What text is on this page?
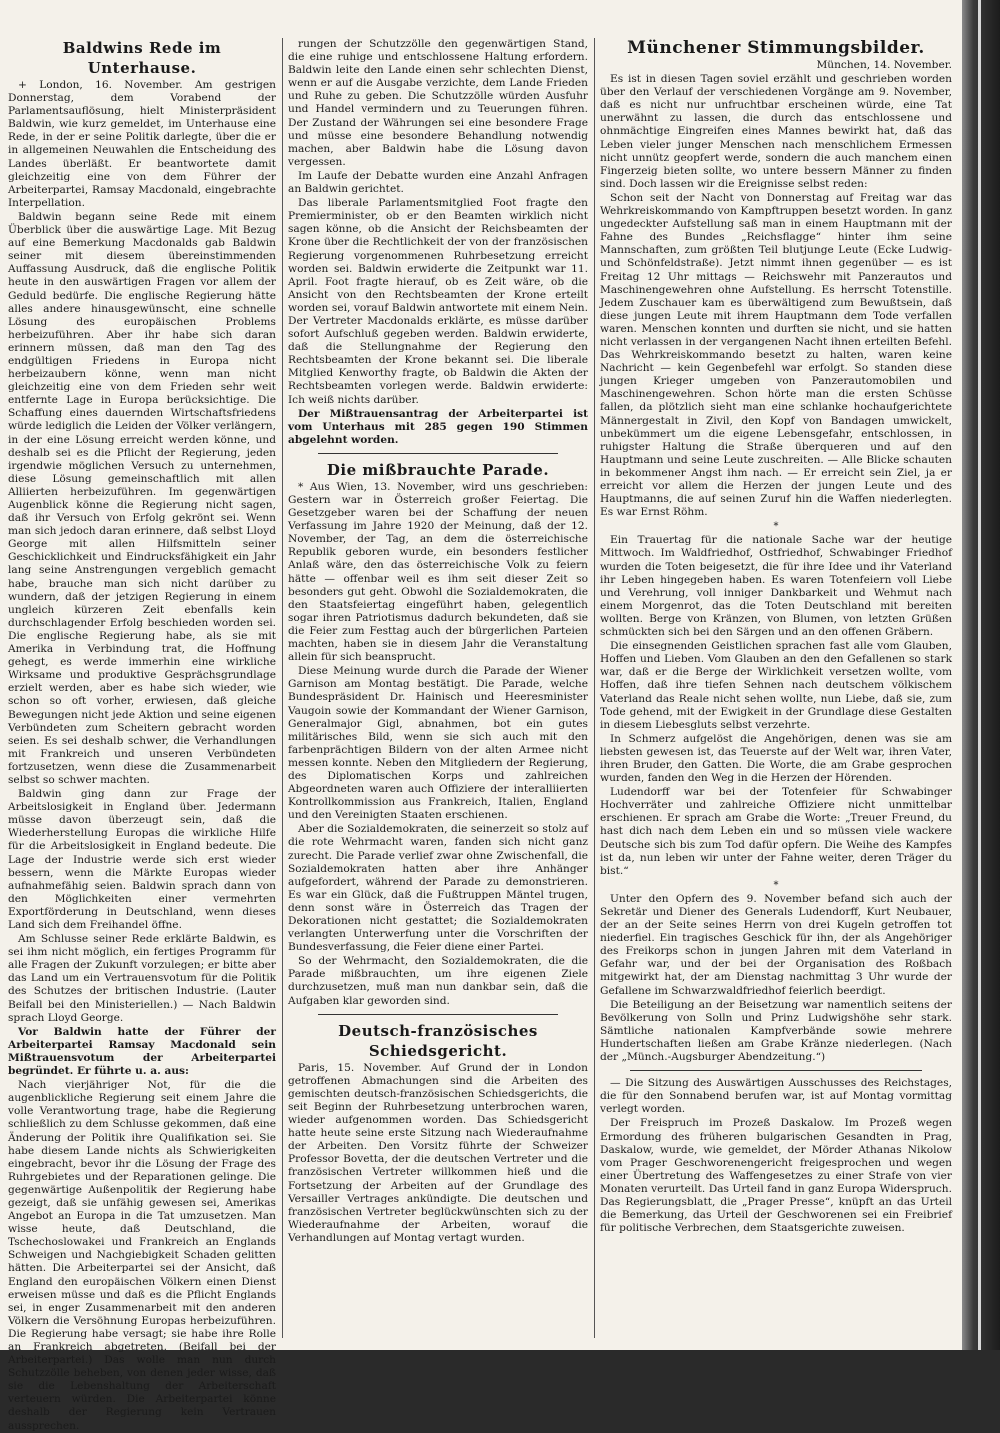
Baldwins Rede im Unterhause.

+ London, 16. November. Am gestrigen Donnerstag, dem Vorabend der Parlamentsauflösung, hielt Ministerpräsident Baldwin, wie kurz gemeldet, im Unterhause eine Rede, in der er seine Politik darlegte, über die er in allgemeinen Neuwahlen die Entscheidung des Landes überläßt. Er beantwortete damit gleichzeitig eine von dem Führer der Arbeiterpartei, Ramsay Macdonald, eingebrachte Interpellation.

Baldwin begann seine Rede mit einem Überblick über die auswärtige Lage. Mit Bezug auf eine Bemerkung Macdonalds gab Baldwin seiner mit diesem übereinstimmenden Auffassung Ausdruck, daß die englische Politik heute in den auswärtigen Fragen vor allem der Geduld bedürfe. Die englische Regierung hätte alles andere hinausgewünscht, eine schnelle Lösung des europäischen Problems herbeizuführen. Aber ihr habe sich daran erinnern müssen, daß man den Tag des endgültigen Friedens in Europa nicht herbeizaubern könne, wenn man nicht gleichzeitig eine von dem Frieden sehr weit entfernte Lage in Europa berücksichtige. Die Schaffung eines dauernden Wirtschaftsfriedens würde lediglich die Leiden der Völker verlängern, in der eine Lösung erreicht werden könne, und deshalb sei es die Pflicht der Regierung, jeden irgendwie möglichen Versuch zu unternehmen, diese Lösung gemeinschaftlich mit allen Alliierten herbeizuführen. Im gegenwärtigen Augenblick könne die Regierung nicht sagen, daß ihr Versuch von Erfolg gekrönt sei. Wenn man sich jedoch daran erinnere, daß selbst Lloyd George mit allen Hilfsmitteln seiner Geschicklichkeit und Eindrucksfähigkeit ein Jahr lang seine Anstrengungen vergeblich gemacht habe, brauche man sich nicht darüber zu wundern, daß der jetzigen Regierung in einem ungleich kürzeren Zeit ebenfalls kein durchschlagender Erfolg beschieden worden sei. Die englische Regierung habe, als sie mit Amerika in Verbindung trat, die Hoffnung gehegt, es werde immerhin eine wirkliche Wirksame und produktive Gesprächsgrundlage erzielt werden, aber es habe sich wieder, wie schon so oft vorher, erwiesen, daß gleiche Bewegungen nicht jede Aktion und seine eigenen Verbündeten zum Scheitern gebracht worden seien. Es sei deshalb schwer, die Verhandlungen mit Frankreich und unseren Verbündeten fortzusetzen, wenn diese die Zusammenarbeit selbst so schwer machten.

Baldwin ging dann zur Frage der Arbeitslosigkeit in England über. Jedermann müsse davon überzeugt sein, daß die Wiederherstellung Europas die wirkliche Hilfe für die Arbeitslosigkeit in England bedeute. Die Lage der Industrie werde sich erst wieder bessern, wenn die Märkte Europas wieder aufnahmefähig seien. Baldwin sprach dann von den Möglichkeiten einer vermehrten Exportförderung in Deutschland, wenn dieses Land sich dem Freihandel öffne.

Am Schlusse seiner Rede erklärte Baldwin, es sei ihm nicht möglich, ein fertiges Programm für alle Fragen der Zukunft vorzulegen; er bitte aber das Land um ein Vertrauensvotum für die Politik des Schutzes der britischen Industrie. (Lauter Beifall bei den Ministeriellen.) — Nach Baldwin sprach Lloyd George.

Vor Baldwin hatte der Führer der Arbeiterpartei Ramsay Macdonald sein Mißtrauensvotum der Arbeiterpartei begründet. Er führte u. a. aus:

Nach vierjähriger Not, für die die augenblickliche Regierung seit einem Jahre die volle Verantwortung trage, habe die Regierung schließlich zu dem Schlusse gekommen, daß eine Änderung der Politik ihre Qualifikation sei. Sie habe diesem Lande nichts als Schwierigkeiten eingebracht, bevor ihr die Lösung der Frage des Ruhrgebietes und der Reparationen gelinge. Die gegenwärtige Außenpolitik der Regierung habe gezeigt, daß sie unfähig gewesen sei, Amerikas Angebot an Europa in die Tat umzusetzen. Man wisse heute, daß Deutschland, die Tschechoslowakei und Frankreich an Englands Schweigen und Nachgiebigkeit Schaden gelitten hätten. Die Arbeiterpartei sei der Ansicht, daß England den europäischen Völkern einen Dienst erweisen müsse und daß es die Pflicht Englands sei, in enger Zusammenarbeit mit den anderen Völkern die Versöhnung Europas herbeizuführen. Die Regierung habe versagt; sie habe ihre Rolle an Frankreich abgetreten. (Beifall bei der Arbeiterpartei.) Das wolle man nun durch Schutzzölle beheben, von denen jeder wisse, daß sie die Lebenshaltung der Arbeiterschaft verteuern würden. Die Arbeiterpartei könne deshalb der Regierung kein Vertrauen aussprechen.

rungen der Schutzzölle den gegenwärtigen Stand, die eine ruhige und entschlossene Haltung erfordern. Baldwin leite den Lande einen sehr schlechten Dienst, wenn er auf die Ausgabe verzichte, dem Lande Frieden und Ruhe zu geben. Die Schutzzölle würden Ausfuhr und Handel vermindern und zu Teuerungen führen. Der Zustand der Währungen sei eine besondere Frage und müsse eine besondere Behandlung notwendig machen, aber Baldwin habe die Lösung davon vergessen.

Im Laufe der Debatte wurden eine Anzahl Anfragen an Baldwin gerichtet.

Das liberale Parlamentsmitglied Foot fragte den Premierminister, ob er den Beamten wirklich nicht sagen könne, ob die Ansicht der Reichsbeamten der Krone über die Rechtlichkeit der von der französischen Regierung vorgenommenen Ruhrbesetzung erreicht worden sei. Baldwin erwiderte die Zeitpunkt war 11. April. Foot fragte hierauf, ob es Zeit wäre, ob die Ansicht von den Rechtsbeamten der Krone erteilt worden sei, vorauf Baldwin antwortete mit einem Nein. Der Vertreter Macdonalds erklärte, es müsse darüber sofort Aufschluß gegeben werden. Baldwin erwiderte, daß die Stellungnahme der Regierung den Rechtsbeamten der Krone bekannt sei. Die liberale Mitglied Kenworthy fragte, ob Baldwin die Akten der Rechtsbeamten vorlegen werde. Baldwin erwiderte: Ich weiß nichts darüber.

Der Mißtrauensantrag der Arbeiterpartei ist vom Unterhaus mit 285 gegen 190 Stimmen abgelehnt worden.

Die mißbrauchte Parade.

* Aus Wien, 13. November, wird uns geschrieben: Gestern war in Österreich großer Feiertag. Die Gesetzgeber waren bei der Schaffung der neuen Verfassung im Jahre 1920 der Meinung, daß der 12. November, der Tag, an dem die österreichische Republik geboren wurde, ein besonders festlicher Anlaß wäre, den das österreichische Volk zu feiern hätte — offenbar weil es ihm seit dieser Zeit so besonders gut geht. Obwohl die Sozialdemokraten, die den Staatsfeiertag eingeführt haben, gelegentlich sogar ihren Patriotismus dadurch bekundeten, daß sie die Feier zum Festtag auch der bürgerlichen Parteien machten, haben sie in diesem Jahr die Veranstaltung allein für sich beansprucht.

Diese Meinung wurde durch die Parade der Wiener Garnison am Montag bestätigt. Die Parade, welche Bundespräsident Dr. Hainisch und Heeresminister Vaugoin sowie der Kommandant der Wiener Garnison, Generalmajor Gigl, abnahmen, bot ein gutes militärisches Bild, wenn sie sich auch mit den farbenprächtigen Bildern von der alten Armee nicht messen konnte. Neben den Mitgliedern der Regierung, des Diplomatischen Korps und zahlreichen Abgeordneten waren auch Offiziere der interalliierten Kontrollkommission aus Frankreich, Italien, England und den Vereinigten Staaten erschienen.

Aber die Sozialdemokraten, die seinerzeit so stolz auf die rote Wehrmacht waren, fanden sich nicht ganz zurecht. Die Parade verlief zwar ohne Zwischenfall, die Sozialdemokraten hatten aber ihre Anhänger aufgefordert, während der Parade zu demonstrieren. Es war ein Glück, daß die Fußtruppen Mäntel trugen, denn sonst wäre in Österreich das Tragen der Dekorationen nicht gestattet; die Sozialdemokraten verlangten Unterwerfung unter die Vorschriften der Bundesverfassung, die Feier diene einer Partei.

So der Wehrmacht, den Sozialdemokraten, die die Parade mißbrauchten, um ihre eigenen Ziele durchzusetzen, muß man nun dankbar sein, daß die Aufgaben klar geworden sind.

Deutsch-französisches Schiedsgericht.

Paris, 15. November. Auf Grund der in London getroffenen Abmachungen sind die Arbeiten des gemischten deutsch-französischen Schiedsgerichts, die seit Beginn der Ruhrbesetzung unterbrochen waren, wieder aufgenommen worden. Das Schiedsgericht hatte heute seine erste Sitzung nach Wiederaufnahme der Arbeiten. Den Vorsitz führte der Schweizer Professor Bovetta, der die deutschen Vertreter und die französischen Vertreter willkommen hieß und die Fortsetzung der Arbeiten auf der Grundlage des Versailler Vertrages ankündigte. Die deutschen und französischen Vertreter beglückwünschten sich zu der Wiederaufnahme der Arbeiten, worauf die Verhandlungen auf Montag vertagt wurden.

Münchener Stimmungsbilder.

München, 14. November.

Es ist in diesen Tagen soviel erzählt und geschrieben worden über den Verlauf der verschiedenen Vorgänge am 9. November, daß es nicht nur unfruchtbar erscheinen würde, eine Tat unerwähnt zu lassen, die durch das entschlossene und ohnmächtige Eingreifen eines Mannes bewirkt hat, daß das Leben vieler junger Menschen nach menschlichem Ermessen nicht unnütz geopfert werde, sondern die auch manchem einen Fingerzeig bieten sollte, wo untere bessern Männer zu finden sind. Doch lassen wir die Ereignisse selbst reden:

Schon seit der Nacht von Donnerstag auf Freitag war das Wehrkreiskommando von Kampftruppen besetzt worden. In ganz ungedeckter Aufstellung saß man in einem Hauptmann mit der Fahne des Bundes „Reichsflagge“ hinter ihm seine Mannschaften, zum größten Teil blutjunge Leute (Ecke Ludwig- und Schönfeldstraße). Jetzt nimmt ihnen gegenüber — es ist Freitag 12 Uhr mittags — Reichswehr mit Panzerautos und Maschinengewehren ohne Aufstellung. Es herrscht Totenstille. Jedem Zuschauer kam es überwältigend zum Bewußtsein, daß diese jungen Leute mit ihrem Hauptmann dem Tode verfallen waren. Menschen konnten und durften sie nicht, und sie hatten nicht verlassen in der vergangenen Nacht ihnen erteilten Befehl. Das Wehrkreiskommando besetzt zu halten, waren keine Nachricht — kein Gegenbefehl war erfolgt. So standen diese jungen Krieger umgeben von Panzerautomobilen und Maschinengewehren. Schon hörte man die ersten Schüsse fallen, da plötzlich sieht man eine schlanke hochaufgerichtete Männergestalt in Zivil, den Kopf von Bandagen umwickelt, unbekümmert um die eigene Lebensgefahr, entschlossen, in ruhigster Haltung die Straße überqueren und auf den Hauptmann und seine Leute zuschreiten. — Alle Blicke schauten in bekommener Angst ihm nach. — Er erreicht sein Ziel, ja er erreicht vor allem die Herzen der jungen Leute und des Hauptmanns, die auf seinen Zuruf hin die Waffen niederlegten. Es war Ernst Röhm.

*

Ein Trauertag für die nationale Sache war der heutige Mittwoch. Im Waldfriedhof, Ostfriedhof, Schwabinger Friedhof wurden die Toten beigesetzt, die für ihre Idee und ihr Vaterland ihr Leben hingegeben haben. Es waren Totenfeiern voll Liebe und Verehrung, voll inniger Dankbarkeit und Wehmut nach einem Morgenrot, das die Toten Deutschland mit bereiten wollten. Berge von Kränzen, von Blumen, von letzten Grüßen schmückten sich bei den Särgen und an den offenen Gräbern.

Die einsegnenden Geistlichen sprachen fast alle vom Glauben, Hoffen und Lieben. Vom Glauben an den den Gefallenen so stark war, daß er die Berge der Wirklichkeit versetzen wollte, vom Hoffen, daß ihre tiefen Sehnen nach deutschem völkischem Vaterland das Reale nicht sehen wollte, nun Liebe, daß sie, zum Tode gehend, mit der Ewigkeit in der Grundlage diese Gestalten in diesem Liebesgluts selbst verzehrte.

In Schmerz aufgelöst die Angehörigen, denen was sie am liebsten gewesen ist, das Teuerste auf der Welt war, ihren Vater, ihren Bruder, den Gatten. Die Worte, die am Grabe gesprochen wurden, fanden den Weg in die Herzen der Hörenden.

Ludendorff war bei der Totenfeier für Schwabinger Hochverräter und zahlreiche Offiziere nicht unmittelbar erschienen. Er sprach am Grabe die Worte: „Treuer Freund, du hast dich nach dem Leben ein und so müssen viele wackere Deutsche sich bis zum Tod dafür opfern. Die Weihe des Kampfes ist da, nun leben wir unter der Fahne weiter, deren Träger du bist.“

*

Unter den Opfern des 9. November befand sich auch der Sekretär und Diener des Generals Ludendorff, Kurt Neubauer, der an der Seite seines Herrn von drei Kugeln getroffen tot niederfiel. Ein tragisches Geschick für ihn, der als Angehöriger des Freikorps schon in jungen Jahren mit dem Vaterland in Gefahr war, und der bei der Organisation des Roßbach mitgewirkt hat, der am Dienstag nachmittag 3 Uhr wurde der Gefallene im Schwarzwaldfriedhof feierlich beerdigt.

Die Beteiligung an der Beisetzung war namentlich seitens der Bevölkerung von Solln und Prinz Ludwigshöhe sehr stark. Sämtliche nationalen Kampfverbände sowie mehrere Hundertschaften ließen am Grabe Kränze niederlegen. (Nach der „Münch.-Augsburger Abendzeitung.“)

— Die Sitzung des Auswärtigen Ausschusses des Reichstages, die für den Sonnabend berufen war, ist auf Montag vormittag verlegt worden.

Der Freispruch im Prozeß Daskalow. Im Prozeß wegen Ermordung des früheren bulgarischen Gesandten in Prag, Daskalow, wurde, wie gemeldet, der Mörder Athanas Nikolow vom Prager Geschworenengericht freigesprochen und wegen einer Übertretung des Waffengesetzes zu einer Strafe von vier Monaten verurteilt. Das Urteil fand in ganz Europa Widerspruch. Das Regierungsblatt, die „Prager Presse“, knüpft an das Urteil die Bemerkung, das Urteil der Geschworenen sei ein Freibrief für politische Verbrechen, dem Staatsgerichte zuweisen.
